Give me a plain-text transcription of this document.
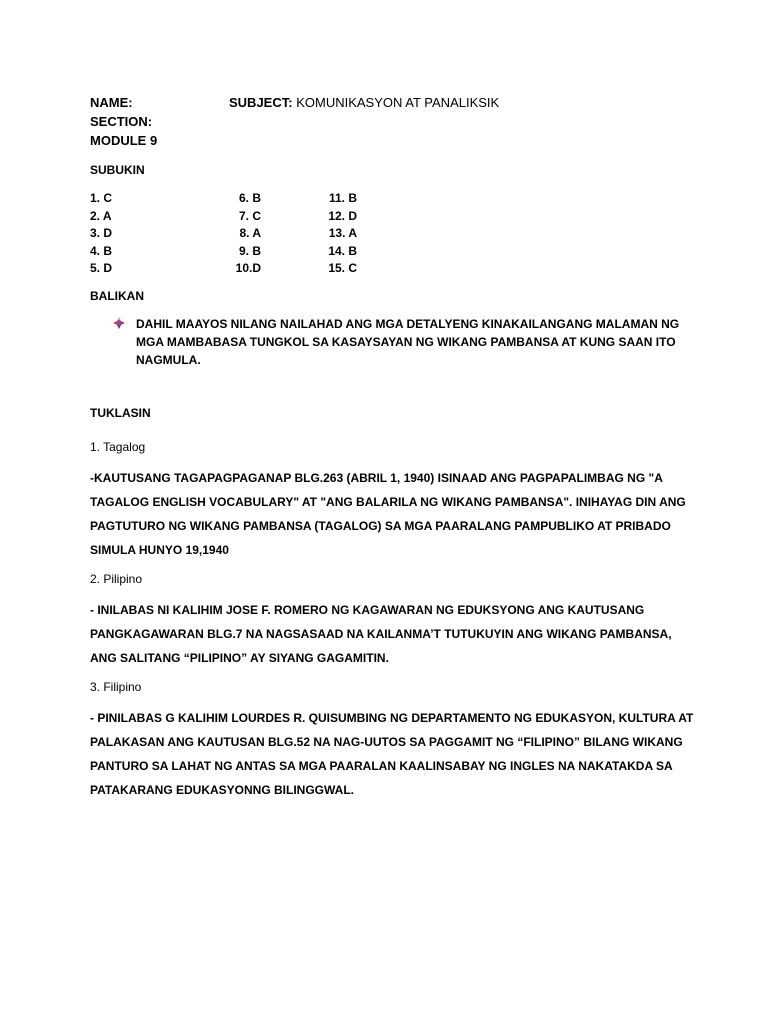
NAME:	SUBJECT: KOMUNIKASYON AT PANALIKSIK
SECTION:
MODULE 9
SUBUKIN
1. C
2. A
3. D
4. B
5. D
6. B
7. C
8. A
9. B
10.D
11. B
12. D
13. A
14. B
15. C
BALIKAN
DAHIL MAAYOS NILANG NAILAHAD ANG MGA DETALYENG KINAKAILANGANG MALAMAN NG
MGA MAMBABASA TUNGKOL SA KASAYSAYAN NG WIKANG PAMBANSA AT KUNG SAAN ITO
NAGMULA.
TUKLASIN
1. Tagalog
-KAUTUSANG TAGAPAGPAGANAP BLG.263 (ABRIL 1, 1940) ISINAAD ANG PAGPAPALIMBAG NG "A
TAGALOG ENGLISH VOCABULARY" AT "ANG BALARILA NG WIKANG PAMBANSA". INIHAYAG DIN ANG
PAGTUTURO NG WIKANG PAMBANSA (TAGALOG) SA MGA PAARALANG PAMPUBLIKO AT PRIBADO
SIMULA HUNYO 19,1940
2. Pilipino
- INILABAS NI KALIHIM JOSE F. ROMERO NG KAGAWARAN NG EDUKSYONG ANG KAUTUSANG
PANGKAGAWARAN BLG.7 NA NAGSASAAD NA KAILANMA’T TUTUKUYIN ANG WIKANG PAMBANSA,
ANG SALITANG “PILIPINO” AY SIYANG GAGAMITIN.
3. Filipino
- PINILABAS G KALIHIM LOURDES R. QUISUMBING NG DEPARTAMENTO NG EDUKASYON, KULTURA AT
PALAKASAN ANG KAUTUSAN BLG.52 NA NAG-UUTOS SA PAGGAMIT NG “FILIPINO” BILANG WIKANG
PANTURO SA LAHAT NG ANTAS SA MGA PAARALAN KAALINSABAY NG INGLES NA NAKATAKDA SA
PATAKARANG EDUKASYONNG BILINGGWAL.
